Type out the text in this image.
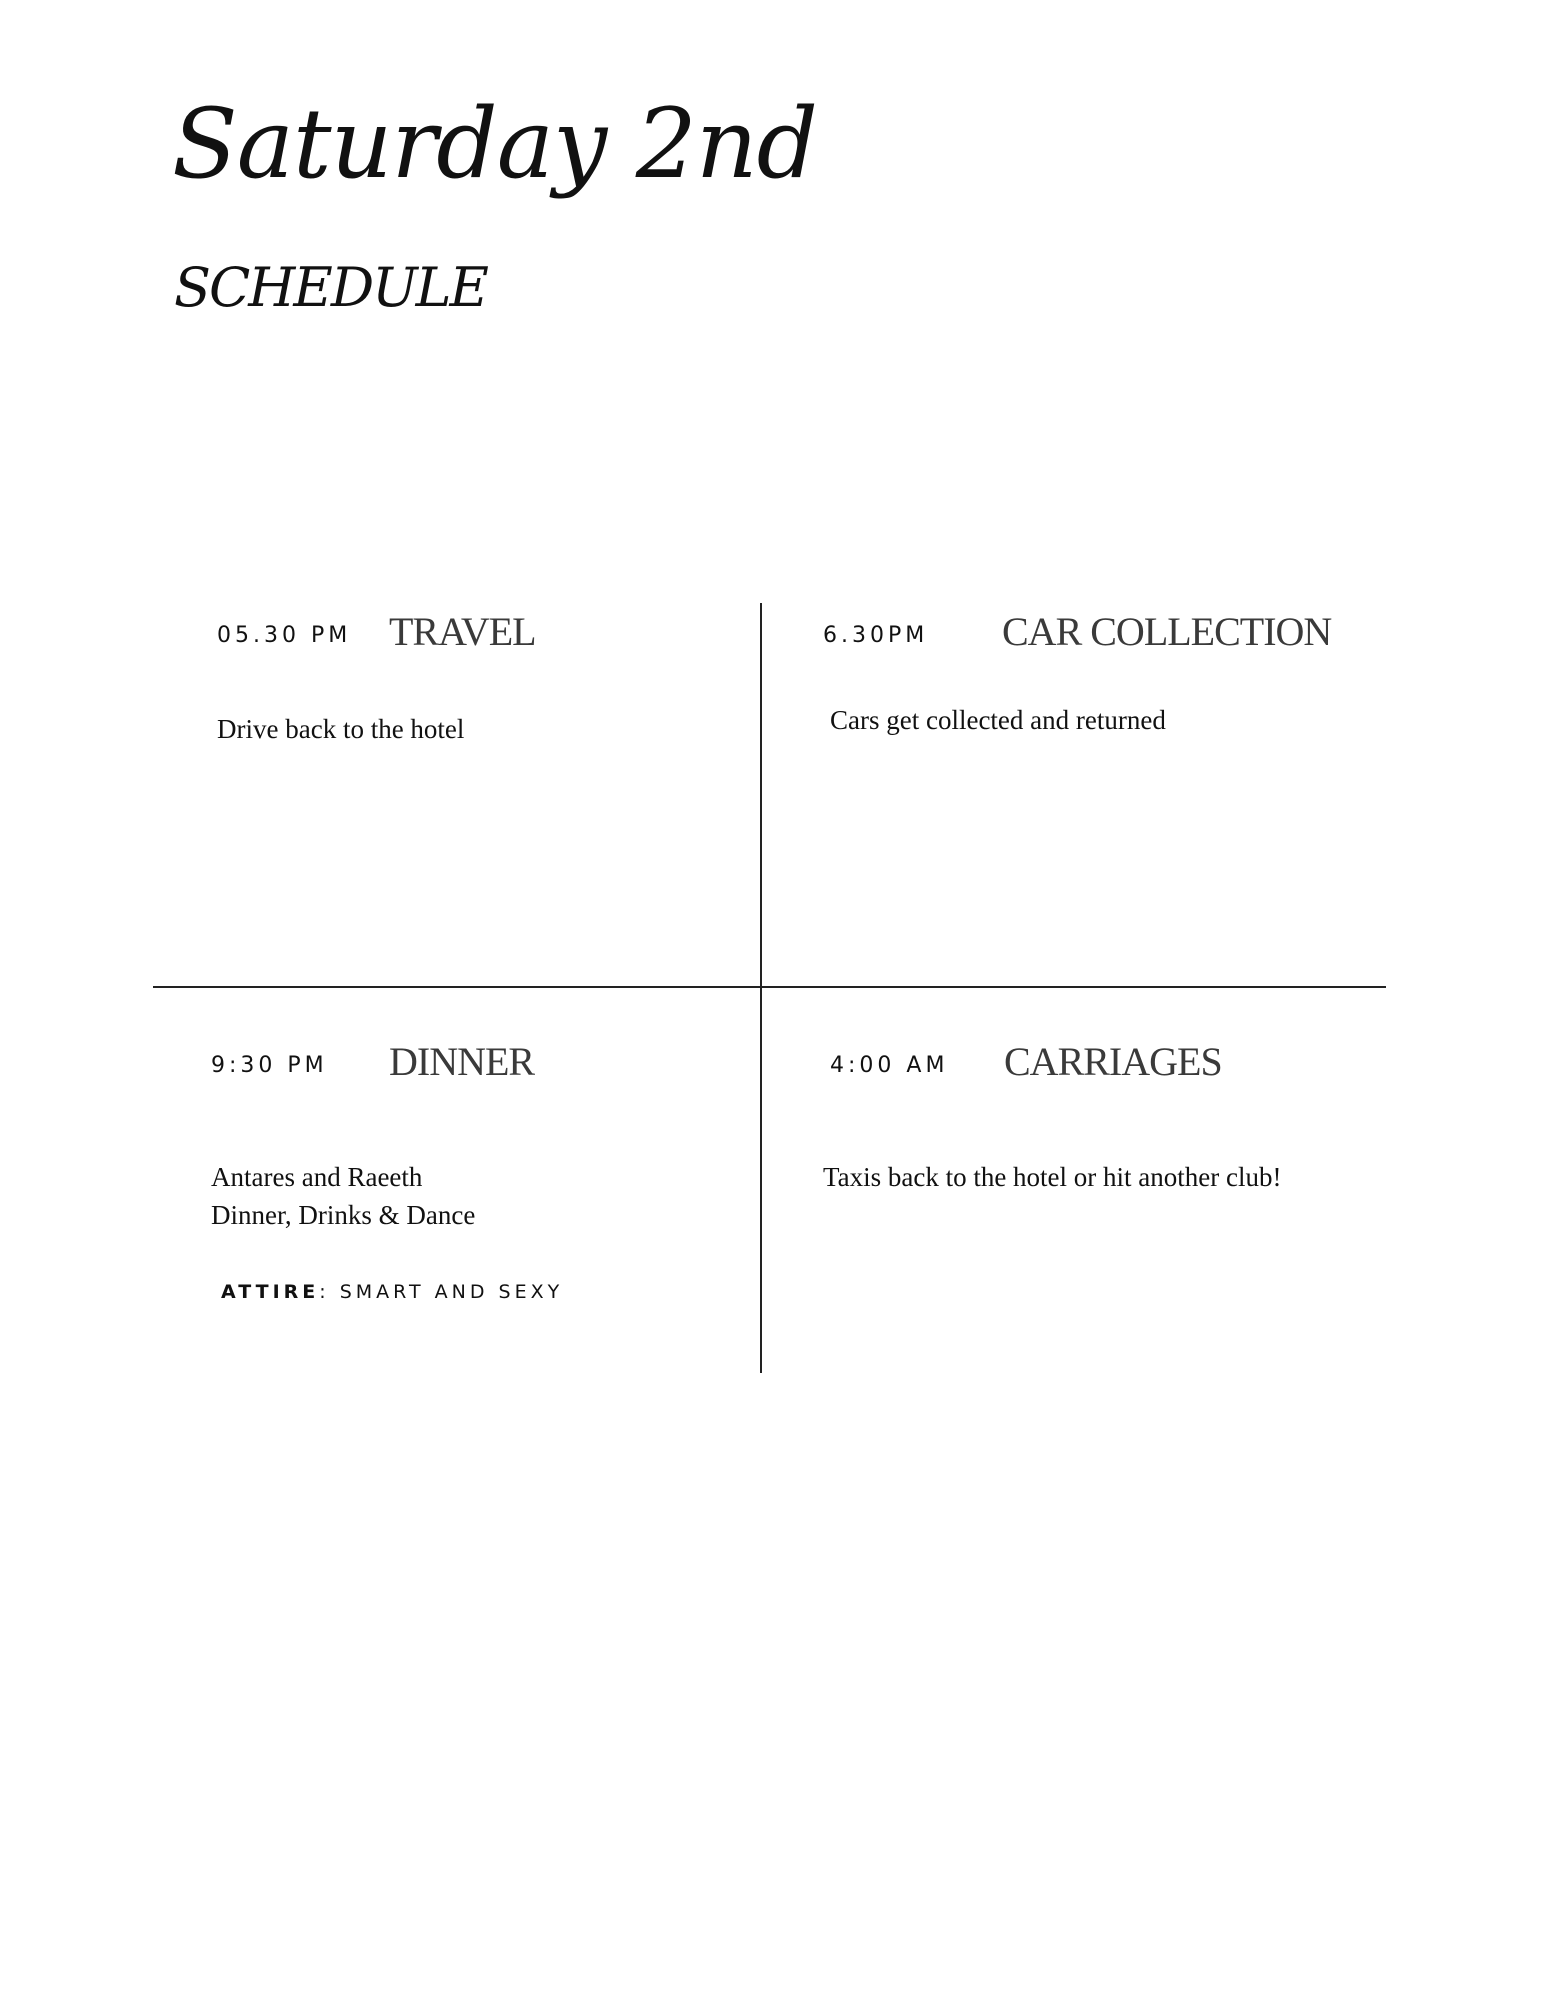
Saturday 2nd
SCHEDULE
05.30 PM TRAVEL
Drive back to the hotel
6.30PM CAR COLLECTION
Cars get collected and returned
9:30 PM DINNER
Antares and Raeeth
Dinner, Drinks & Dance
ATTIRE: SMART AND SEXY
4:00 AM CARRIAGES
Taxis back to the hotel or hit another club!
